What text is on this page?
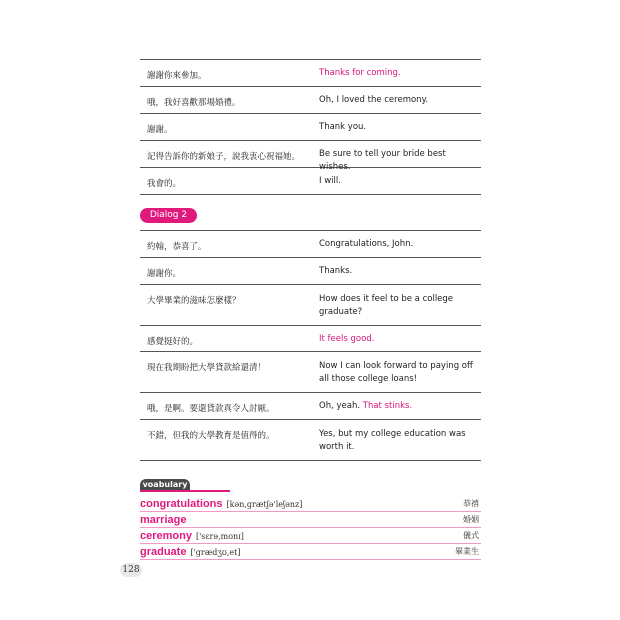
謝謝你來參加。	Thanks for coming.
哦，我好喜歡那場婚禮。	Oh, I loved the ceremony.
謝謝。	Thank you.
記得告訴你的新娘子，說我衷心祝福她。	Be sure to tell your bride best wishes.
我會的。	I will.
Dialog 2
約翰，恭喜了。	Congratulations, John.
謝謝你。	Thanks.
大學畢業的滋味怎麼樣？	How does it feel to be a college graduate?
感覺挺好的。	It feels good.
現在我期盼把大學貸款給還清！	Now I can look forward to paying off all those college loans!
哦，是啊。要還貸款真令人討厭。	Oh, yeah. That stinks.
不錯，但我的大學教育是值得的。	Yes, but my college education was worth it.
voabulary
congratulations [kən,grætʃə'leʃənz]	恭禧
marriage	婚姻
ceremony ['sɛrə,monɪ]	儀式
graduate ['grædʒʊ,et]	畢業生
128
